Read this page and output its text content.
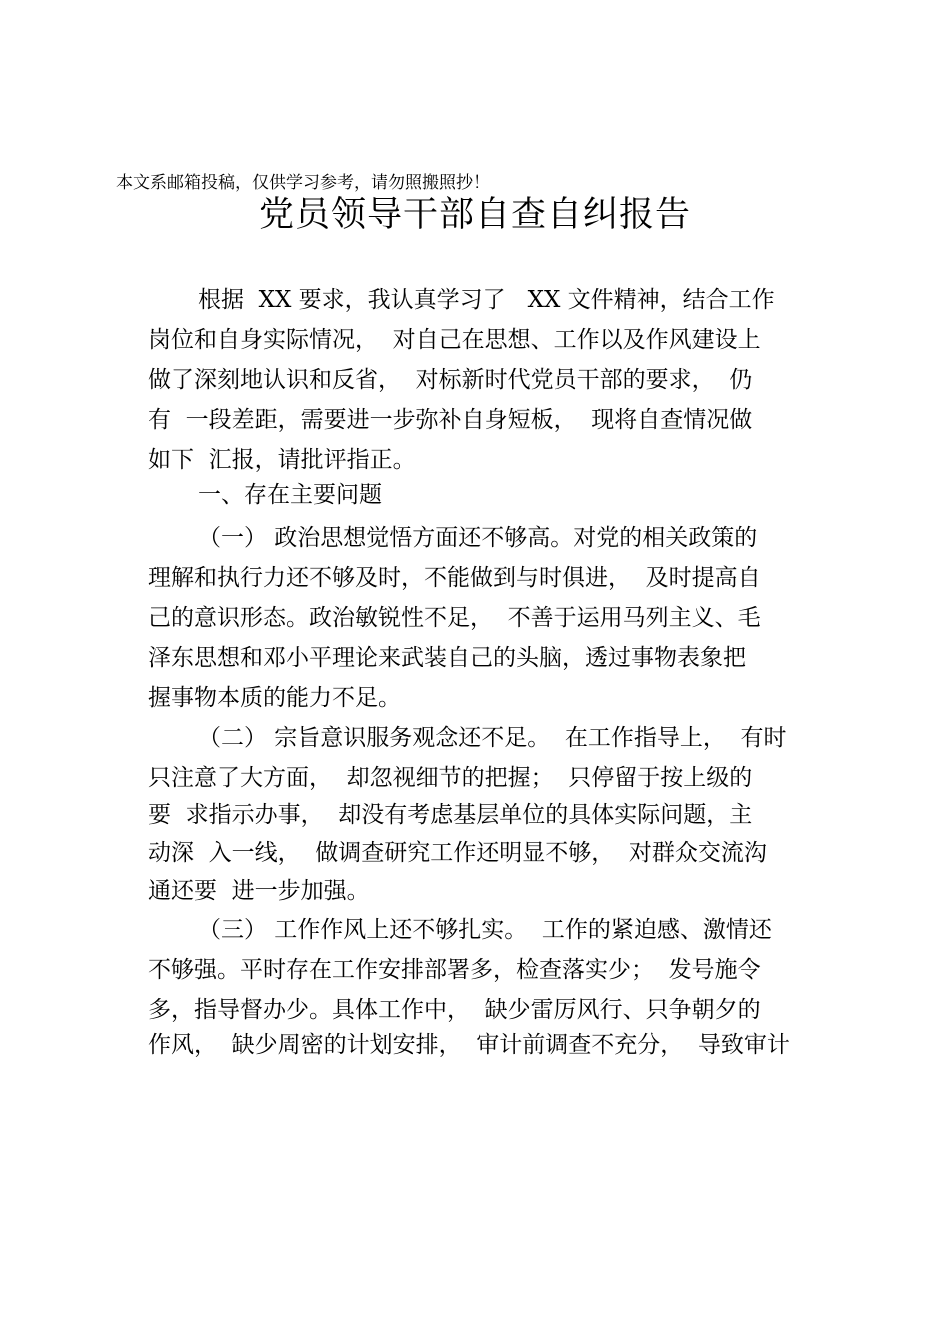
本文系邮箱投稿，仅供学习参考，请勿照搬照抄！
党员领导干部自查自纠报告
根据  XX 要求，我认真学习了   XX 文件精神，结合工作
岗位和自身实际情况，  对自己在思想、工作以及作风建设上
做了深刻地认识和反省，  对标新时代党员干部的要求，  仍
有  一段差距，需要进一步弥补自身短板，  现将自查情况做
如下  汇报，请批评指正。
一、存在主要问题
（一） 政治思想觉悟方面还不够高。对党的相关政策的
理解和执行力还不够及时，不能做到与时俱进，  及时提高自
己的意识形态。政治敏锐性不足，  不善于运用马列主义、毛
泽东思想和邓小平理论来武装自己的头脑，透过事物表象把
握事物本质的能力不足。
（二） 宗旨意识服务观念还不足。  在工作指导上，  有时
只注意了大方面，  却忽视细节的把握；  只停留于按上级的
要  求指示办事，  却没有考虑基层单位的具体实际问题，主
动深  入一线，  做调查研究工作还明显不够，  对群众交流沟
通还要  进一步加强。
（三） 工作作风上还不够扎实。  工作的紧迫感、激情还
不够强。平时存在工作安排部署多，检查落实少；  发号施令
多，指导督办少。具体工作中，  缺少雷厉风行、只争朝夕的
作风，  缺少周密的计划安排，  审计前调查不充分，  导致审计
